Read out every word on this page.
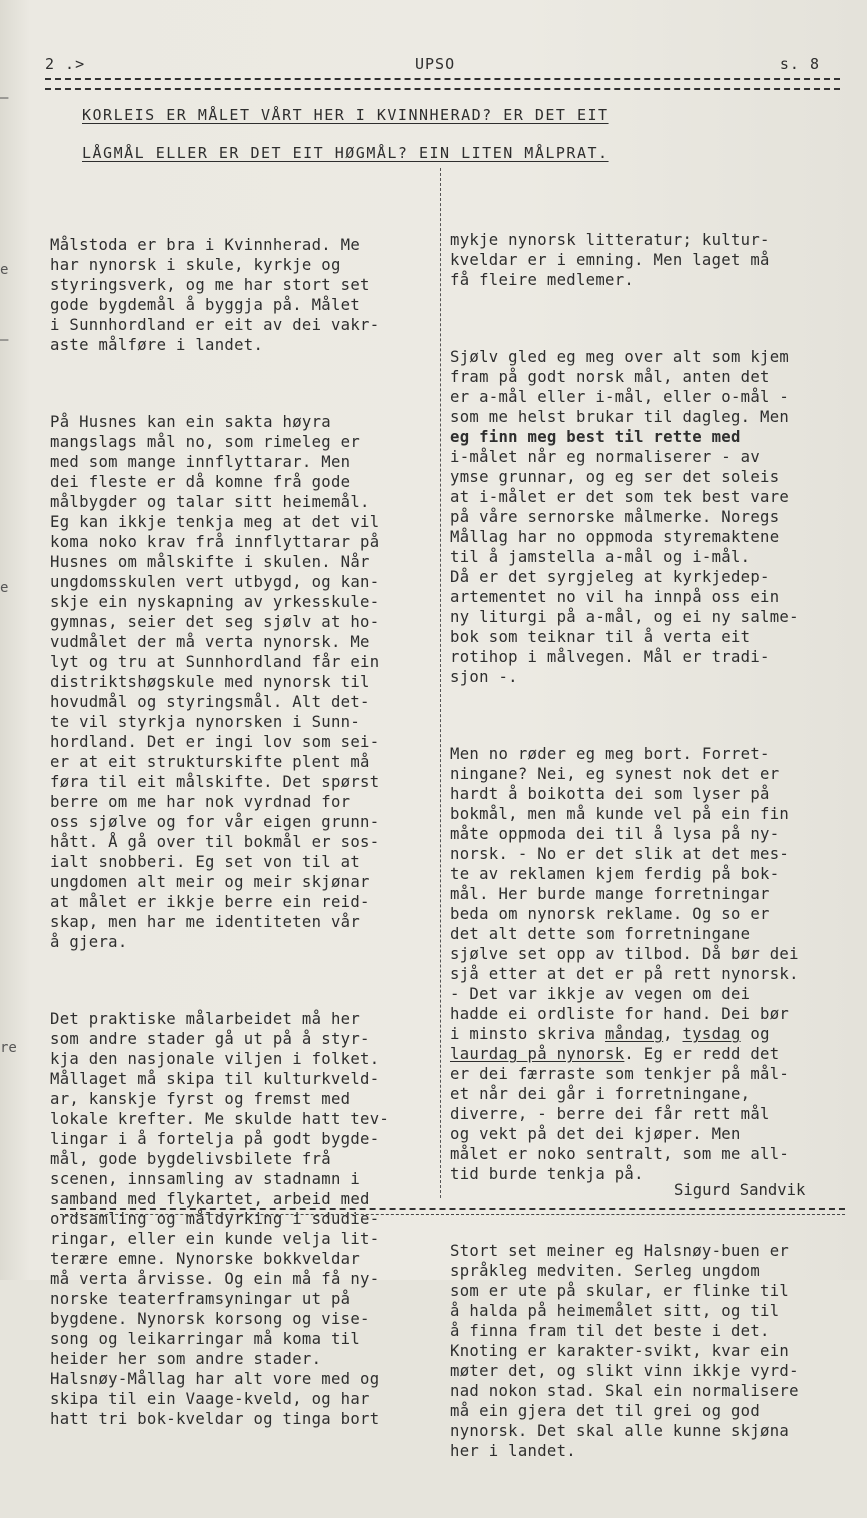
—
e
—
e
re
2 .>	UPSO	s. 8
KORLEIS ER MÅLET VÅRT HER I KVINNHERAD? ER DET EIT
LÅGMÅL ELLER ER DET EIT HØGMÅL? EIN LITEN MÅLPRAT.

Målstoda er bra i Kvinnherad. Me
har nynorsk i skule, kyrkje og
styringsverk, og me har stort set
gode bygdemål å byggja på. Målet
i Sunnhordland er eit av dei vakr-
aste målføre i landet.

På Husnes kan ein sakta høyra
mangslags mål no, som rimeleg er
med som mange innflyttarar. Men
dei fleste er då komne frå gode
målbygder og talar sitt heimemål.
Eg kan ikkje tenkja meg at det vil
koma noko krav frå innflyttarar på
Husnes om målskifte i skulen. Når
ungdomsskulen vert utbygd, og kan-
skje ein nyskapning av yrkesskule-
gymnas, seier det seg sjølv at ho-
vudmålet der må verta nynorsk. Me
lyt og tru at Sunnhordland får ein
distriktshøgskule med nynorsk til
hovudmål og styringsmål. Alt det-
te vil styrkja nynorsken i Sunn-
hordland. Det er ingi lov som sei-
er at eit strukturskifte plent må
føra til eit målskifte. Det spørst
berre om me har nok vyrdnad for
oss sjølve og for vår eigen grunn-
hått. Å gå over til bokmål er sos-
ialt snobberi. Eg set von til at
ungdomen alt meir og meir skjønar
at målet er ikkje berre ein reid-
skap, men har me identiteten vår
å gjera.

Det praktiske målarbeidet må her
som andre stader gå ut på å styr-
kja den nasjonale viljen i folket.
Mållaget må skipa til kulturkveld-
ar, kanskje fyrst og fremst med
lokale krefter. Me skulde hatt tev-
lingar i å fortelja på godt bygde-
mål, gode bygdelivsbilete frå
scenen, innsamling av stadnamn i
samband med flykartet, arbeid med
ordsamling og måldyrking i sdudie-
ringar, eller ein kunde velja lit-
terære emne. Nynorske bokkveldar
må verta årvisse. Og ein må få ny-
norske teaterframsyningar ut på
bygdene. Nynorsk korsong og vise-
song og leikarringar må koma til
heider her som andre stader.
Halsnøy-Mållag har alt vore med og
skipa til ein Vaage-kveld, og har
hatt tri bok-kveldar og tinga bort

mykje nynorsk litteratur; kultur-
kveldar er i emning. Men laget må
få fleire medlemer.

Sjølv gled eg meg over alt som kjem
fram på godt norsk mål, anten det
er a-mål eller i-mål, eller o-mål -
som me helst brukar til dagleg. Men
eg finn meg best til rette med
i-målet når eg normaliserer - av
ymse grunnar, og eg ser det soleis
at i-målet er det som tek best vare
på våre sernorske målmerke. Noregs
Mållag har no oppmoda styremaktene
til å jamstella a-mål og i-mål.
Då er det syrgjeleg at kyrkjedep-
artementet no vil ha innpå oss ein
ny liturgi på a-mål, og ei ny salme-
bok som teiknar til å verta eit
rotihop i målvegen. Mål er tradi-
sjon -.

Men no røder eg meg bort. Forret-
ningane? Nei, eg synest nok det er
hardt å boikotta dei som lyser på
bokmål, men må kunde vel på ein fin
måte oppmoda dei til å lysa på ny-
norsk. - No er det slik at det mes-
te av reklamen kjem ferdig på bok-
mål. Her burde mange forretningar
beda om nynorsk reklame. Og so er
det alt dette som forretningane
sjølve set opp av tilbod. Då bør dei
sjå etter at det er på rett nynorsk.
- Det var ikkje av vegen om dei
hadde ei ordliste for hand. Dei bør
i minsto skriva måndag, tysdag og
laurdag på nynorsk. Eg er redd det
er dei færraste som tenkjer på mål-
et når dei går i forretningane,
diverre, - berre dei får rett mål
og vekt på det dei kjøper. Men
målet er noko sentralt, som me all-
tid burde tenkja på.

Stort set meiner eg Halsnøy-buen er
språkleg medviten. Serleg ungdom
som er ute på skular, er flinke til
å halda på heimemålet sitt, og til
å finna fram til det beste i det.
Knoting er karakter-svikt, kvar ein
møter det, og slikt vinn ikkje vyrd-
nad nokon stad. Skal ein normalisere
må ein gjera det til grei og god
nynorsk. Det skal alle kunne skjøna
her i landet.

Sigurd Sandvik
